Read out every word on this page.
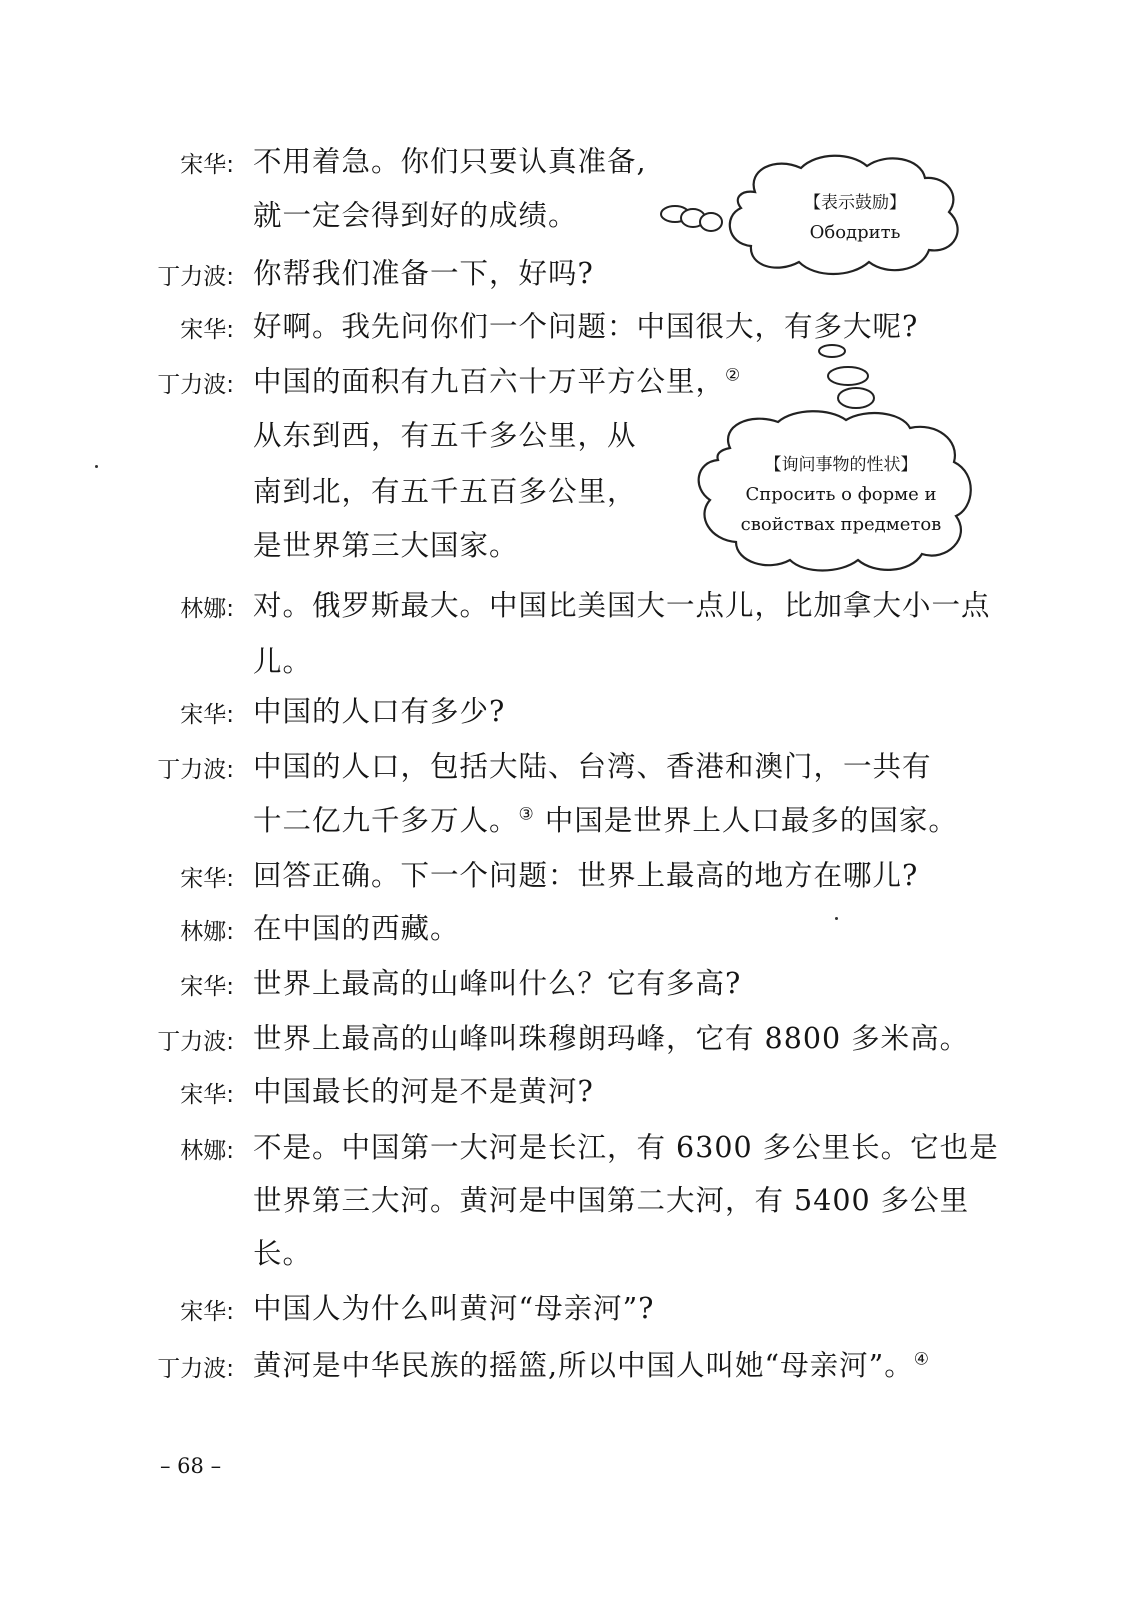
宋华: 不用着急。你们只要认真准备,
就一定会得到好的成绩。
丁力波: 你帮我们准备一下，好吗?
宋华: 好啊。我先问你们一个问题：中国很大，有多大呢?
丁力波: 中国的面积有九百六十万平方公里，②
从东到西，有五千多公里，从
南到北，有五千五百多公里，
是世界第三大国家。
林娜: 对。俄罗斯最大。中国比美国大一点儿，比加拿大小一点
儿。
宋华: 中国的人口有多少?
丁力波: 中国的人口，包括大陆、台湾、香港和澳门，一共有
十二亿九千多万人。③ 中国是世界上人口最多的国家。
宋华: 回答正确。下一个问题：世界上最高的地方在哪儿?
林娜: 在中国的西藏。
宋华: 世界上最高的山峰叫什么？它有多高?
丁力波: 世界上最高的山峰叫珠穆朗玛峰，它有 8800 多米高。
宋华: 中国最长的河是不是黄河?
林娜: 不是。中国第一大河是长江，有 6300 多公里长。它也是
世界第三大河。黄河是中国第二大河，有 5400 多公里
长。
宋华: 中国人为什么叫黄河“母亲河”?
丁力波: 黄河是中华民族的摇篮,所以中国人叫她“母亲河”。④
【表示鼓励】
Ободрить
【询问事物的性状】
Спросить о форме и
свойствах предметов
– 68 –
